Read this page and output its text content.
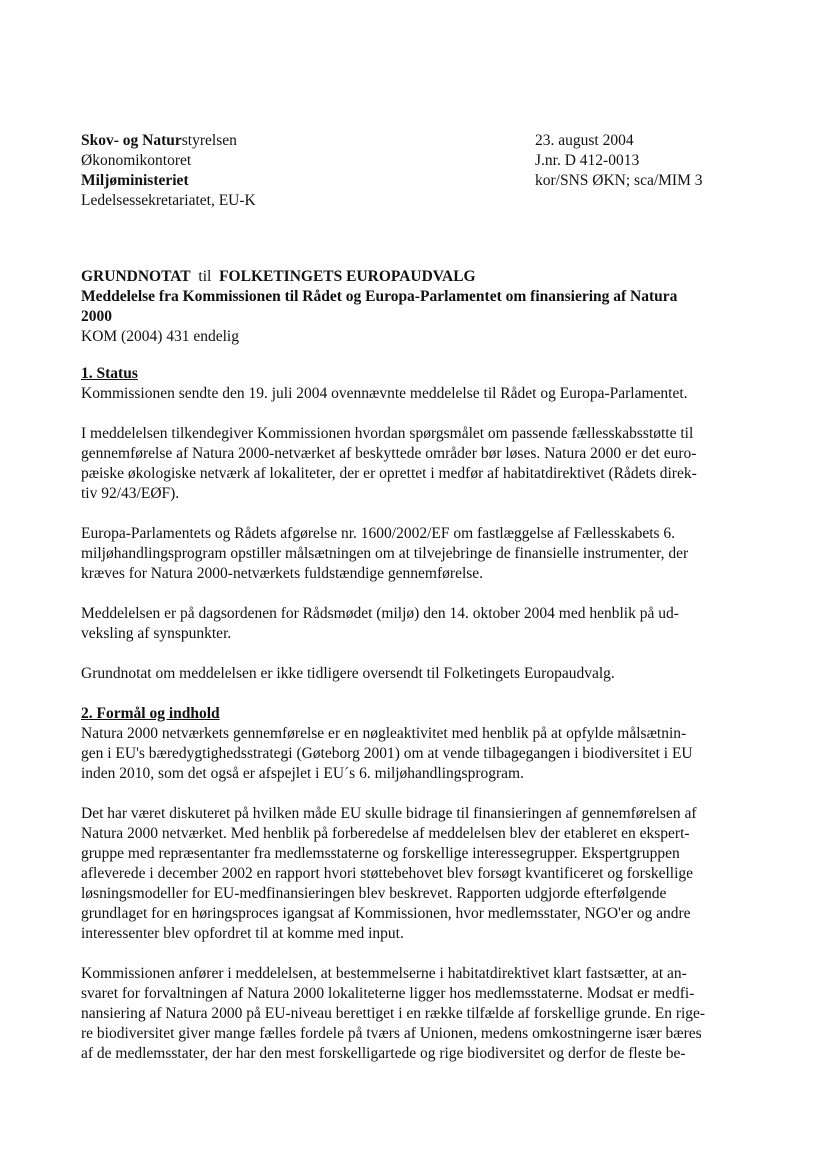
Skov- og Naturstyrelsen
Økonomikontoret
Miljøministeriet
Ledelsessekretariatet, EU-K
23. august 2004
J.nr. D 412-0013
kor/SNS ØKN; sca/MIM 3
GRUNDNOTAT til FOLKETINGETS EUROPAUDVALG
Meddelelse fra Kommissionen til Rådet og Europa-Parlamentet om finansiering af Natura
2000
KOM (2004) 431 endelig
1. Status
Kommissionen sendte den 19. juli 2004 ovennævnte meddelelse til Rådet og Europa-Parlamentet.
I meddelelsen tilkendegiver Kommissionen hvordan spørgsmålet om passende fællesskabsstøtte til
gennemførelse af Natura 2000-netværket af beskyttede områder bør løses. Natura 2000 er det euro-
pæiske økologiske netværk af lokaliteter, der er oprettet i medfør af habitatdirektivet (Rådets direk-
tiv 92/43/EØF).
Europa-Parlamentets og Rådets afgørelse nr. 1600/2002/EF om fastlæggelse af Fællesskabets 6.
miljøhandlingsprogram opstiller målsætningen om at tilvejebringe de finansielle instrumenter, der
kræves for Natura 2000-netværkets fuldstændige gennemførelse.
Meddelelsen er på dagsordenen for Rådsmødet (miljø) den 14. oktober 2004 med henblik på ud-
veksling af synspunkter.
Grundnotat om meddelelsen er ikke tidligere oversendt til Folketingets Europaudvalg.
2. Formål og indhold
Natura 2000 netværkets gennemførelse er en nøgleaktivitet med henblik på at opfylde målsætnin-
gen i EU's bæredygtighedsstrategi (Gøteborg 2001) om at vende tilbagegangen i biodiversitet i EU
inden 2010, som det også er afspejlet i EU´s 6. miljøhandlingsprogram.
Det har været diskuteret på hvilken måde EU skulle bidrage til finansieringen af gennemførelsen af
Natura 2000 netværket. Med henblik på forberedelse af meddelelsen blev der etableret en ekspert-
gruppe med repræsentanter fra medlemsstaterne og forskellige interessegrupper. Ekspertgruppen
afleverede i december 2002 en rapport hvori støttebehovet blev forsøgt kvantificeret og forskellige
løsningsmodeller for EU-medfinansieringen blev beskrevet. Rapporten udgjorde efterfølgende
grundlaget for en høringsproces igangsat af Kommissionen, hvor medlemsstater, NGO'er og andre
interessenter blev opfordret til at komme med input.
Kommissionen anfører i meddelelsen, at bestemmelserne i habitatdirektivet klart fastsætter, at an-
svaret for forvaltningen af Natura 2000 lokaliteterne ligger hos medlemsstaterne. Modsat er medfi-
nansiering af Natura 2000 på EU-niveau berettiget i en række tilfælde af forskellige grunde. En rige-
re biodiversitet giver mange fælles fordele på tværs af Unionen, medens omkostningerne især bæres
af de medlemsstater, der har den mest forskelligartede og rige biodiversitet og derfor de fleste be-
